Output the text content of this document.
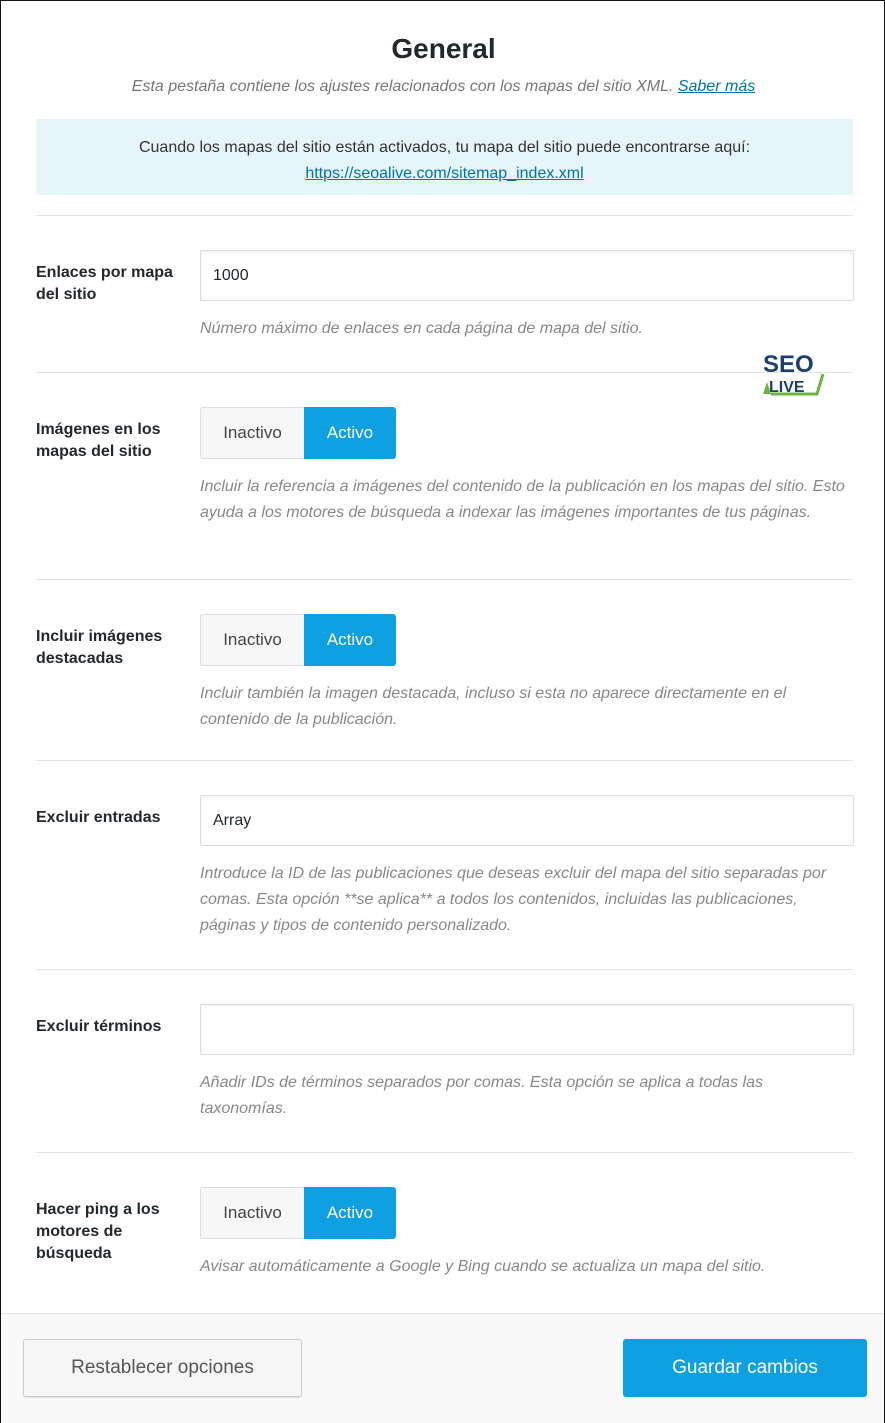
General
Esta pestaña contiene los ajustes relacionados con los mapas del sitio XML. Saber más
Cuando los mapas del sitio están activados, tu mapa del sitio puede encontrarse aquí:
https://seoalive.com/sitemap_index.xml
SEO
LIVE
Enlaces por mapa del sitio
1000
Número máximo de enlaces en cada página de mapa del sitio.
Imágenes en los mapas del sitio
Inactivo	Activo
Incluir la referencia a imágenes del contenido de la publicación en los mapas del sitio. Esto ayuda a los motores de búsqueda a indexar las imágenes importantes de tus páginas.
Incluir imágenes destacadas
Inactivo	Activo
Incluir también la imagen destacada, incluso si esta no aparece directamente en el contenido de la publicación.
Excluir entradas
Array
Introduce la ID de las publicaciones que deseas excluir del mapa del sitio separadas por comas. Esta opción **se aplica** a todos los contenidos, incluidas las publicaciones, páginas y tipos de contenido personalizado.
Excluir términos
Añadir IDs de términos separados por comas. Esta opción se aplica a todas las taxonomías.
Hacer ping a los motores de búsqueda
Inactivo	Activo
Avisar automáticamente a Google y Bing cuando se actualiza un mapa del sitio.
Restablecer opciones	Guardar cambios
